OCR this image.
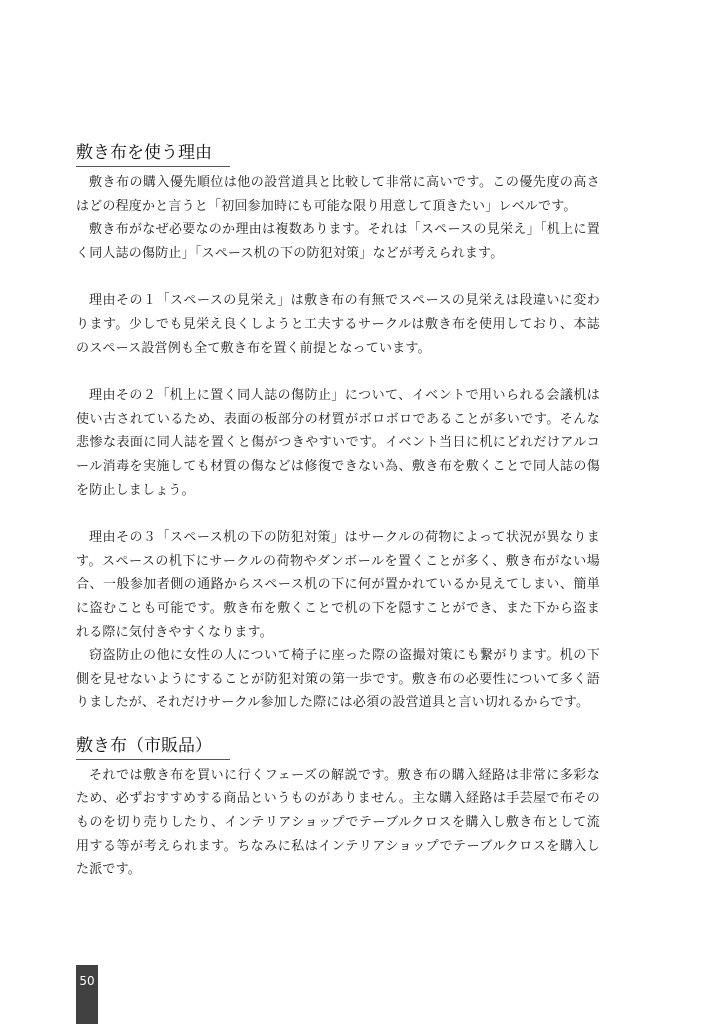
敷き布を使う理由

敷き布の購入優先順位は他の設営道具と比較して非常に高いです。この優先度の高さはどの程度かと言うと「初回参加時にも可能な限り用意して頂きたい」レベルです。

敷き布がなぜ必要なのか理由は複数あります。それは「スペースの見栄え」「机上に置く同人誌の傷防止」「スペース机の下の防犯対策」などが考えられます。

理由その１「スペースの見栄え」は敷き布の有無でスペースの見栄えは段違いに変わります。少しでも見栄え良くしようと工夫するサークルは敷き布を使用しており、本誌のスペース設営例も全て敷き布を置く前提となっています。

理由その２「机上に置く同人誌の傷防止」について、イベントで用いられる会議机は使い古されているため、表面の板部分の材質がボロボロであることが多いです。そんな悲惨な表面に同人誌を置くと傷がつきやすいです。イベント当日に机にどれだけアルコール消毒を実施しても材質の傷などは修復できない為、敷き布を敷くことで同人誌の傷を防止しましょう。

理由その３「スペース机の下の防犯対策」はサークルの荷物によって状況が異なります。スペースの机下にサークルの荷物やダンボールを置くことが多く、敷き布がない場合、一般参加者側の通路からスペース机の下に何が置かれているか見えてしまい、簡単に盗むことも可能です。敷き布を敷くことで机の下を隠すことができ、また下から盗まれる際に気付きやすくなります。

窃盗防止の他に女性の人について椅子に座った際の盗撮対策にも繋がります。机の下側を見せないようにすることが防犯対策の第一歩です。敷き布の必要性について多く語りましたが、それだけサークル参加した際には必須の設営道具と言い切れるからです。

敷き布（市販品）

それでは敷き布を買いに行くフェーズの解説です。敷き布の購入経路は非常に多彩なため、必ずおすすめする商品というものがありません。主な購入経路は手芸屋で布そのものを切り売りしたり、インテリアショップでテーブルクロスを購入し敷き布として流用する等が考えられます。ちなみに私はインテリアショップでテーブルクロスを購入した派です。

50
